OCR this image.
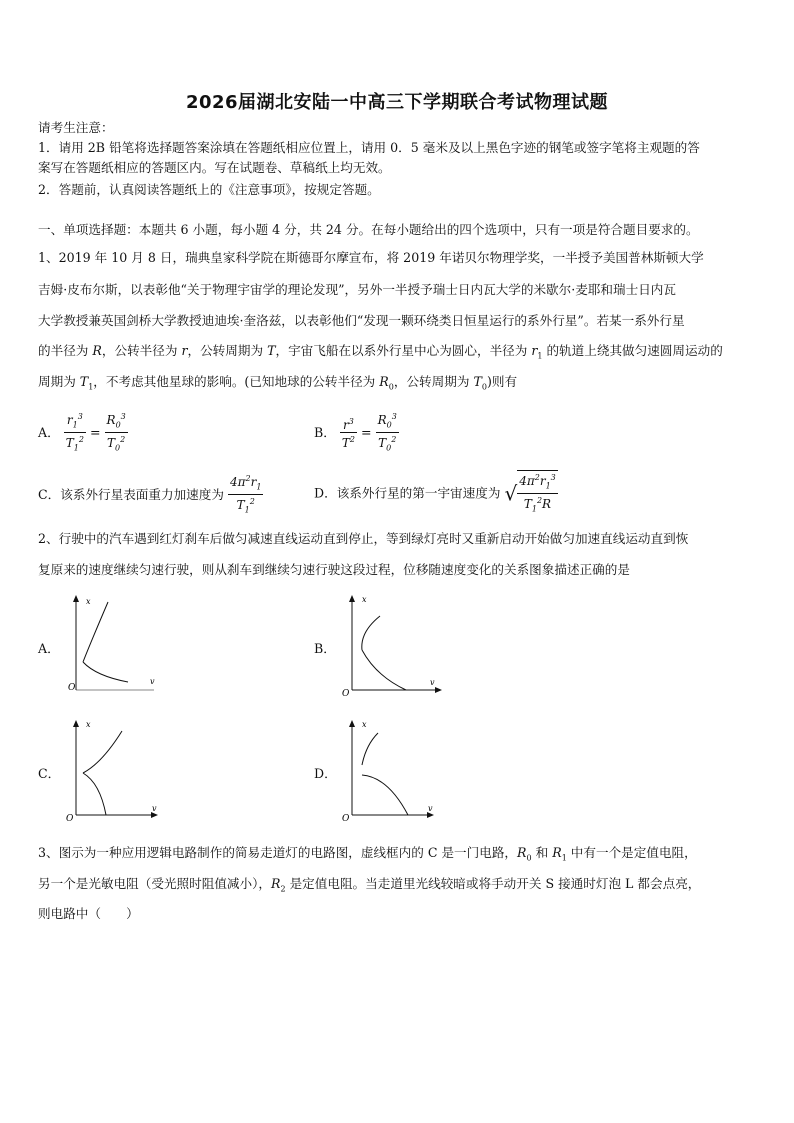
2026届湖北安陆一中高三下学期联合考试物理试题
请考生注意：
1．请用 2B 铅笔将选择题答案涂填在答题纸相应位置上，请用 0．5 毫米及以上黑色字迹的钢笔或签字笔将主观题的答
案写在答题纸相应的答题区内。写在试题卷、草稿纸上均无效。
2．答题前，认真阅读答题纸上的《注意事项》，按规定答题。
一、单项选择题：本题共 6 小题，每小题 4 分，共 24 分。在每小题给出的四个选项中，只有一项是符合题目要求的。
1、2019 年 10 月 8 日，瑞典皇家科学院在斯德哥尔摩宣布，将 2019 年诺贝尔物理学奖，一半授予美国普林斯顿大学
吉姆·皮布尔斯，以表彰他“关于物理宇宙学的理论发现”，另外一半授予瑞士日内瓦大学的米歇尔·麦耶和瑞士日内瓦
大学教授兼英国剑桥大学教授迪迪埃·奎洛兹，以表彰他们“发现一颗环绕类日恒星运行的系外行星”。若某一系外行星
的半径为 R，公转半径为 r，公转周期为 T，宇宙飞船在以系外行星中心为圆心，半径为 $r_1$ 的轨道上绕其做匀速圆周运动的
周期为 $T_1$，不考虑其他星球的影响。(已知地球的公转半径为 $R_0$，公转周期为 $T_0$)则有
A． $\frac{r_1^3}{T_1^2} = \frac{R_0^3}{T_0^2}$	B． $\frac{r^3}{T^2} = \frac{R_0^3}{T_0^2}$
C．该系外行星表面重力加速度为 $\frac{4\pi^2r_1}{T_1^2}$	D．该系外行星的第一宇宙速度为 √ $\frac{4\pi^2r_1^3}{T_1^2R}$
2、行驶中的汽车遇到红灯刹车后做匀减速直线运动直到停止，等到绿灯亮时又重新启动开始做匀加速直线运动直到恢
复原来的速度继续匀速行驶，则从刹车到继续匀速行驶这段过程，位移随速度变化的关系图象描述正确的是
A．
x
O
v
B．
x
O
v
C．
x
O
v
D．
x
O
v
3、图示为一种应用逻辑电路制作的简易走道灯的电路图，虚线框内的 C 是一门电路，$R_0$ 和 $R_1$ 中有一个是定值电阻，
另一个是光敏电阻（受光照时阻值减小），$R_2$ 是定值电阻。当走道里光线较暗或将手动开关 S 接通时灯泡 L 都会点亮，
则电路中（　　）
